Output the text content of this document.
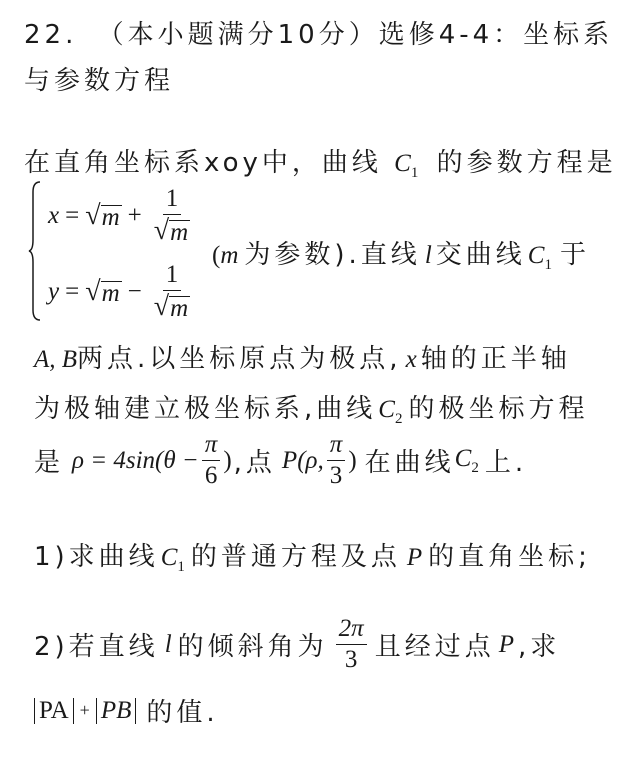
22. （本小题满分10分）选修4-4：坐标系
与参数方程
在直角坐标系xoy中，曲线 $C_1$ 的参数方程是
x = √ $m + \frac{1}{√ m}$
(m 为参数).直线 l 交曲线$C_1$ 于
y = √ $m - \frac{1}{√ m}$
A, B两点.以坐标原点为极点, x 轴的正半轴
为极轴建立极坐标系,曲线$C_2$ 的极坐标方程
是 $\rho = 4\sin(\theta - \frac{\pi}{6}$ ) ,点 P(ρ, $\frac{\pi}{3}$ ) 在曲线 $C_2$ 上.
1)求曲线$C_1$ 的普通方程及点 P 的直角坐标;
2)若直线 l 的倾斜角为 $\frac{2\pi}{3}$ 且经过点 P ,求
PA + PB 的值.
